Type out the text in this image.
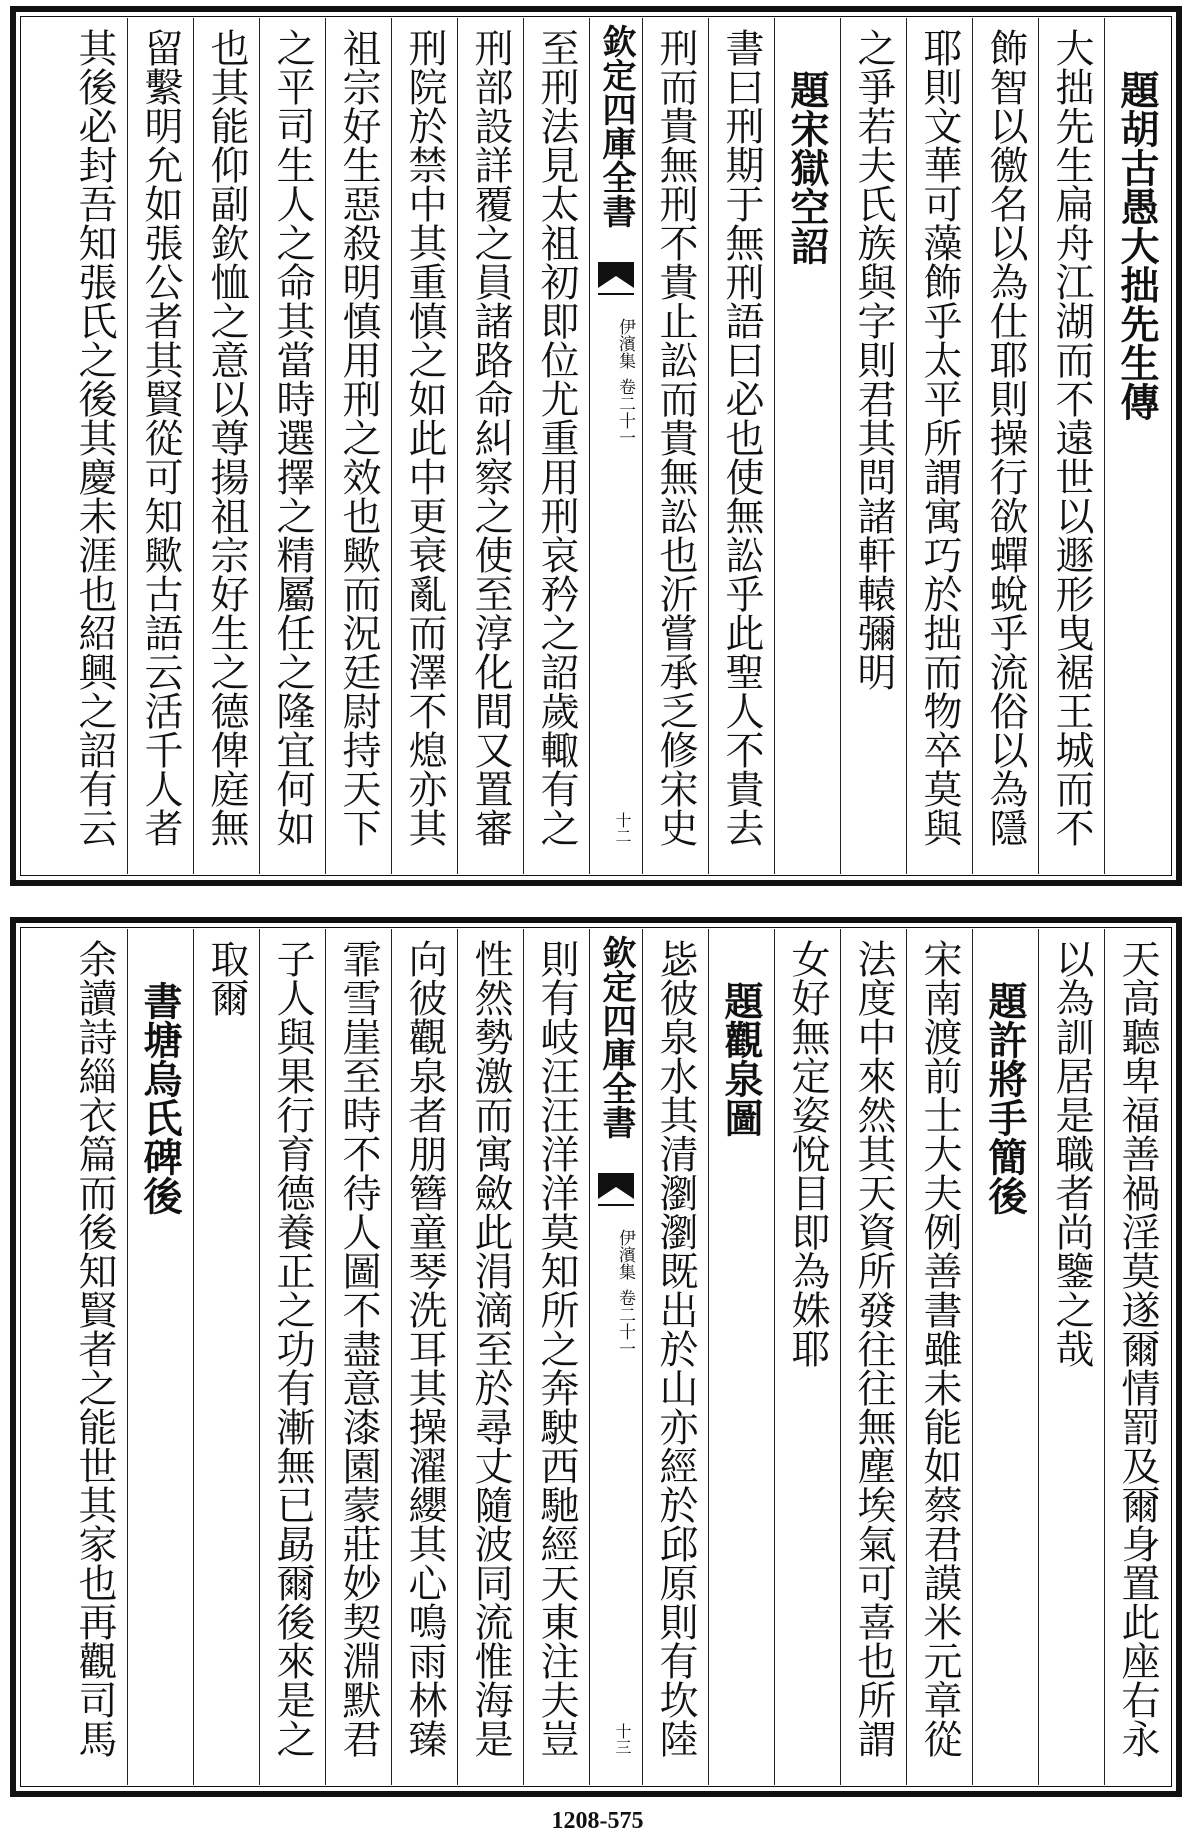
題胡古愚大拙先生傳
大拙先生扁舟江湖而不遠世以遯形曳裾王城而不
飾智以徼名以為仕耶則操行欲蟬蛻乎流俗以為隱
耶則文華可藻飾乎太平所謂寓巧於拙而物卒莫與
之爭若夫氏族與字則君其問諸軒轅彌明
題宋獄空詔
書曰刑期于無刑語曰必也使無訟乎此聖人不貴去
刑而貴無刑不貴止訟而貴無訟也沂嘗承乏修宋史
欽定四庫全書
伊濱集
卷二十一
十二
至刑法見太祖初即位尤重用刑哀矜之詔歲輙有之
刑部設詳覆之員諸路命糾察之使至淳化間又置審
刑院於禁中其重慎之如此中更衰亂而澤不熄亦其
祖宗好生惡殺明慎用刑之效也歟而況廷尉持天下
之平司生人之命其當時選擇之精屬任之隆宜何如
也其能仰副欽恤之意以尊揚祖宗好生之德俾庭無
留繫明允如張公者其賢從可知歟古語云活千人者
其後必封吾知張氏之後其慶未涯也紹興之詔有云
天高聽卑福善禍淫莫遂爾情罰及爾身置此座右永
以為訓居是職者尚鑒之哉
題許將手簡後
宋南渡前士大夫例善書雖未能如蔡君謨米元章從
法度中來然其天資所發往往無塵埃氣可喜也所謂
女好無定姿悅目即為姝耶
題觀泉圖
毖彼泉水其清瀏瀏既出於山亦經於邱原則有坎陸
欽定四庫全書
伊濱集
卷二十一
十三
則有岐汪汪洋洋莫知所之奔駛西馳經天東注夫豈
性然勢激而寓斂此涓滴至於尋丈隨波同流惟海是
向彼觀泉者朋簪童琴洗耳其操濯纓其心鳴雨林臻
霏雪崖至時不待人圖不盡意漆園蒙莊妙契淵默君
子人與果行育德養正之功有漸無已勗爾後來是之
取爾
書塘烏氏碑後
余讀詩緇衣篇而後知賢者之能世其家也再觀司馬
1208-575
